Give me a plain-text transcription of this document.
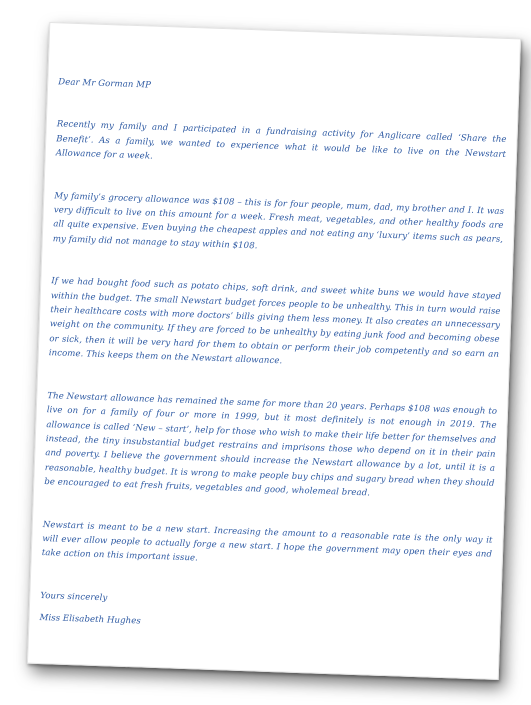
Dear Mr Gorman MP

Recently my family and I participated in a fundraising activity for Anglicare called ‘Share the Benefit’. As a family, we wanted to experience what it would be like to live on the Newstart Allowance for a week.

My family’s grocery allowance was $108 – this is for four people, mum, dad, my brother and I. It was very difficult to live on this amount for a week. Fresh meat, vegetables, and other healthy foods are all quite expensive. Even buying the cheapest apples and not eating any ‘luxury’ items such as pears, my family did not manage to stay within $108.

If we had bought food such as potato chips, soft drink, and sweet white buns we would have stayed within the budget. The small Newstart budget forces people to be unhealthy. This in turn would raise their healthcare costs with more doctors’ bills giving them less money. It also creates an unnecessary weight on the community. If they are forced to be unhealthy by eating junk food and becoming obese or sick, then it will be very hard for them to obtain or perform their job competently and so earn an income. This keeps them on the Newstart allowance.

The Newstart allowance has remained the same for more than 20 years. Perhaps $108 was enough to live on for a family of four or more in 1999, but it most definitely is not enough in 2019. The allowance is called ‘New – start’, help for those who wish to make their life better for themselves and instead, the tiny insubstantial budget restrains and imprisons those who depend on it in their pain and poverty. I believe the government should increase the Newstart allowance by a lot, until it is a reasonable, healthy budget. It is wrong to make people buy chips and sugary bread when they should be encouraged to eat fresh fruits, vegetables and good, wholemeal bread.

Newstart is meant to be a new start. Increasing the amount to a reasonable rate is the only way it will ever allow people to actually forge a new start. I hope the government may open their eyes and take action on this important issue.

Yours sincerely

Miss Elisabeth Hughes
